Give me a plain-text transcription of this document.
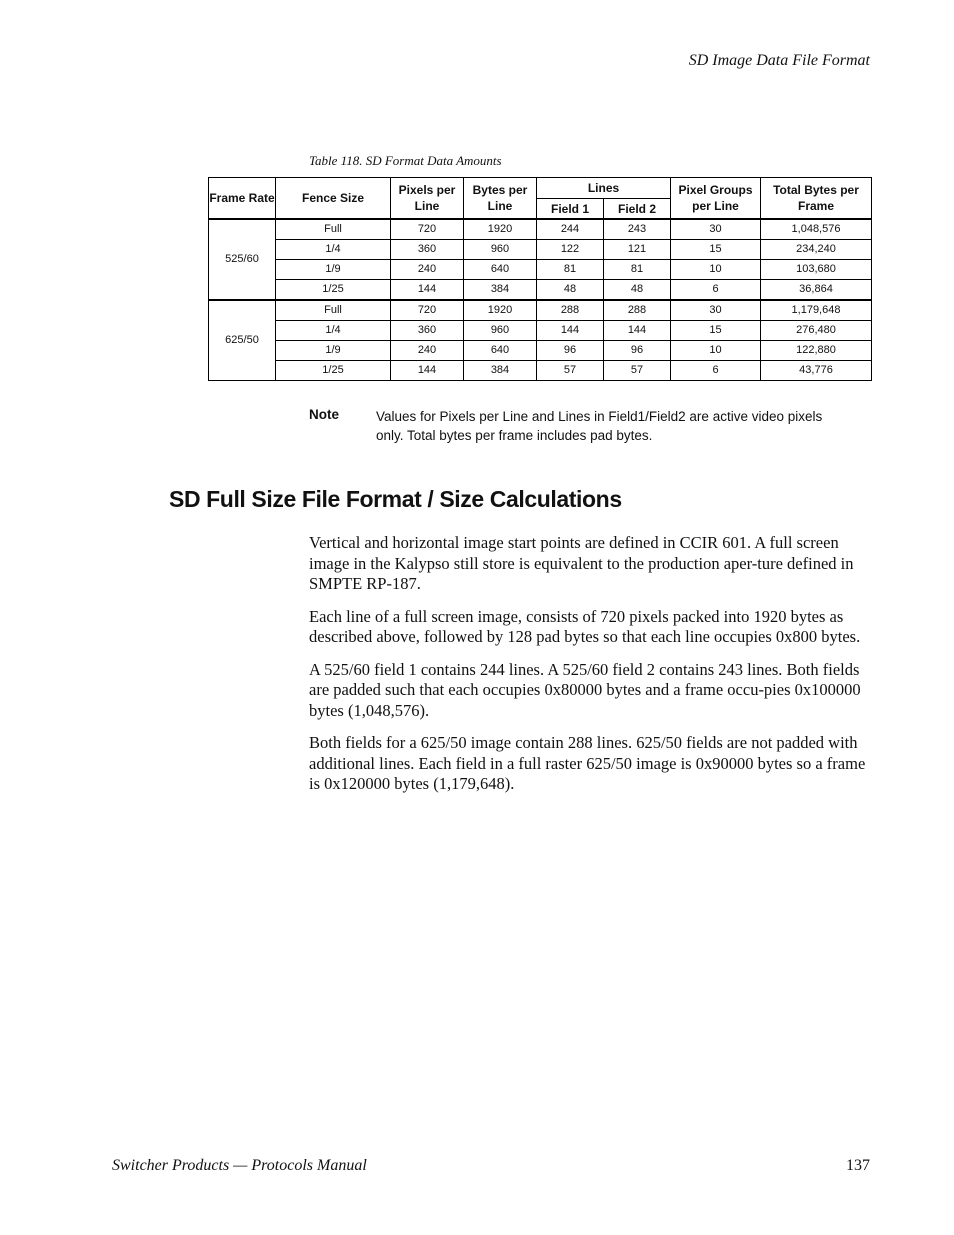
SD Image Data File Format
Table 118. SD Format Data Amounts
Frame Rate	Fence Size	Pixels per Line	Bytes per Line	Lines		Pixel Groups per Line	Total Bytes per Frame
				Field 1	Field 2		
525/60	Full	720	1920	244	243	30	1,048,576
	1/4	360	960	122	121	15	234,240
	1/9	240	640	81	81	10	103,680
	1/25	144	384	48	48	6	36,864
625/50	Full	720	1920	288	288	30	1,179,648
	1/4	360	960	144	144	15	276,480
	1/9	240	640	96	96	10	122,880
	1/25	144	384	57	57	6	43,776
Note	Values for Pixels per Line and Lines in Field1/Field2 are active video pixels only. Total bytes per frame includes pad bytes.
SD Full Size File Format / Size Calculations

Vertical and horizontal image start points are defined in CCIR 601. A full screen image in the Kalypso still store is equivalent to the production aper-ture defined in SMPTE RP-187.

Each line of a full screen image, consists of 720 pixels packed into 1920 bytes as described above, followed by 128 pad bytes so that each line occupies 0x800 bytes.

A 525/60 field 1 contains 244 lines. A 525/60 field 2 contains 243 lines. Both fields are padded such that each occupies 0x80000 bytes and a frame occu-pies 0x100000 bytes (1,048,576).

Both fields for a 625/50 image contain 288 lines. 625/50 fields are not padded with additional lines. Each field in a full raster 625/50 image is 0x90000 bytes so a frame is 0x120000 bytes (1,179,648).

Switcher Products — Protocols Manual	137
